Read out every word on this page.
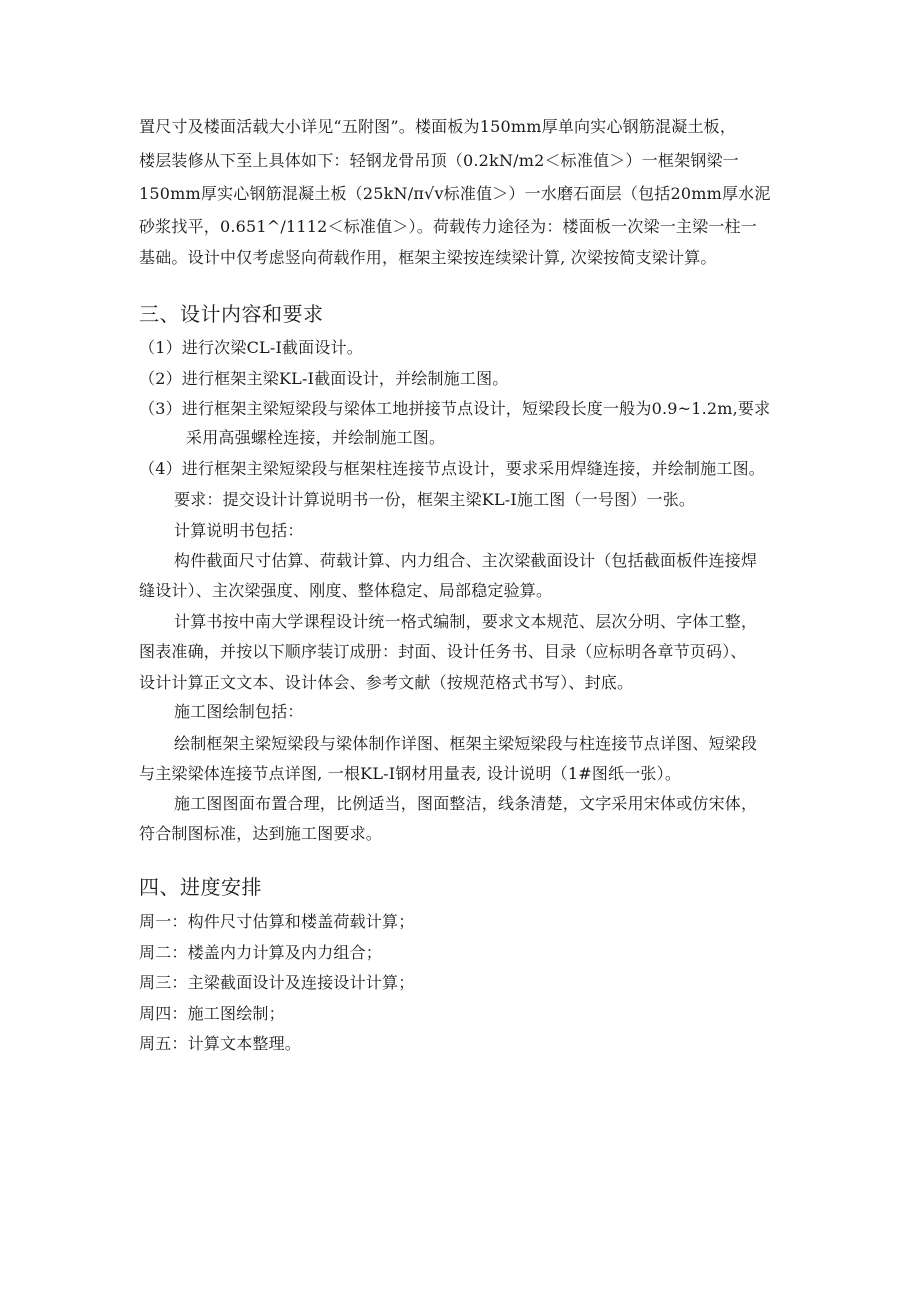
置尺寸及楼面活载大小详见“五附图”。楼面板为150mm厚单向实心钢筋混凝土板，
楼层装修从下至上具体如下：轻钢龙骨吊顶（0.2kN∕m2＜标准值＞）一框架钢梁一
150mm厚实心钢筋混凝土板（25kN∕π√v标准值＞）一水磨石面层（包括20mm厚水泥
砂浆找平，0.651^/1112＜标准值＞）。荷载传力途径为：楼面板一次梁一主梁一柱一
基础。设计中仅考虑竖向荷载作用，框架主梁按连续梁计算, 次梁按简支梁计算。
三、设计内容和要求
（1）进行次梁CL-I截面设计。
（2）进行框架主梁KL-I截面设计，并绘制施工图。
（3）进行框架主梁短梁段与梁体工地拼接节点设计，短梁段长度一般为0.9~1.2m,要求
采用高强螺栓连接，并绘制施工图。
（4）进行框架主梁短梁段与框架柱连接节点设计，要求采用焊缝连接，并绘制施工图。
要求：提交设计计算说明书一份，框架主梁KL-I施工图（一号图）一张。
计算说明书包括：
构件截面尺寸估算、荷载计算、内力组合、主次梁截面设计（包括截面板件连接焊
缝设计）、主次梁强度、刚度、整体稳定、局部稳定验算。
计算书按中南大学课程设计统一格式编制，要求文本规范、层次分明、字体工整，
图表准确，并按以下顺序装订成册：封面、设计任务书、目录（应标明各章节页码）、
设计计算正文文本、设计体会、参考文献（按规范格式书写）、封底。
施工图绘制包括：
绘制框架主梁短梁段与梁体制作详图、框架主梁短梁段与柱连接节点详图、短梁段
与主梁梁体连接节点详图, 一根KL-I钢材用量表, 设计说明（1#图纸一张）。
施工图图面布置合理，比例适当，图面整洁，线条清楚，文字采用宋体或仿宋体，
符合制图标准，达到施工图要求。
四、进度安排
周一：构件尺寸估算和楼盖荷载计算；
周二：楼盖内力计算及内力组合；
周三：主梁截面设计及连接设计计算；
周四：施工图绘制；
周五：计算文本整理。
